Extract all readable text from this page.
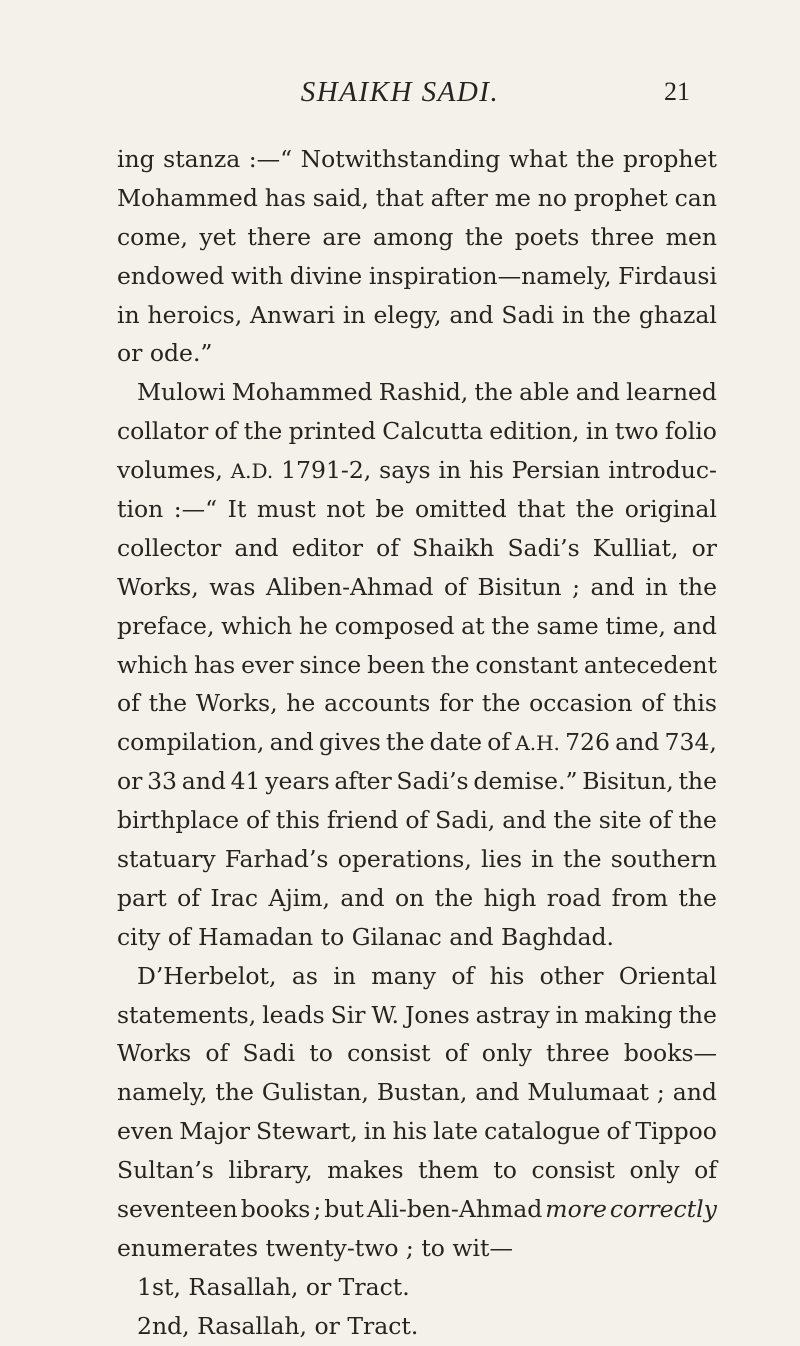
SHAIKH SADI.	21
ing stanza :—“ Notwithstanding what the prophet
Mohammed has said, that after me no prophet can
come, yet there are among the poets three men
endowed with divine inspiration—namely, Firdausi
in heroics, Anwari in elegy, and Sadi in the ghazal
or ode.”
Mulowi Mohammed Rashid, the able and learned
collator of the printed Calcutta edition, in two folio
volumes, A.D. 1791-2, says in his Persian introduc-
tion :—“ It must not be omitted that the original
collector and editor of Shaikh Sadi’s Kulliat, or
Works, was Aliben-Ahmad of Bisitun ; and in the
preface, which he composed at the same time, and
which has ever since been the constant antecedent
of the Works, he accounts for the occasion of this
compilation, and gives the date of A.H. 726 and 734,
or 33 and 41 years after Sadi’s demise.” Bisitun, the
birthplace of this friend of Sadi, and the site of the
statuary Farhad’s operations, lies in the southern
part of Irac Ajim, and on the high road from the
city of Hamadan to Gilanac and Baghdad.
D’Herbelot, as in many of his other Oriental
statements, leads Sir W. Jones astray in making the
Works of Sadi to consist of only three books—
namely, the Gulistan, Bustan, and Mulumaat ; and
even Major Stewart, in his late catalogue of Tippoo
Sultan’s library, makes them to consist only of
seventeen books ; but Ali-ben-Ahmad more correctly
enumerates twenty-two ; to wit—
1st, Rasallah, or Tract.
2nd, Rasallah, or Tract.
